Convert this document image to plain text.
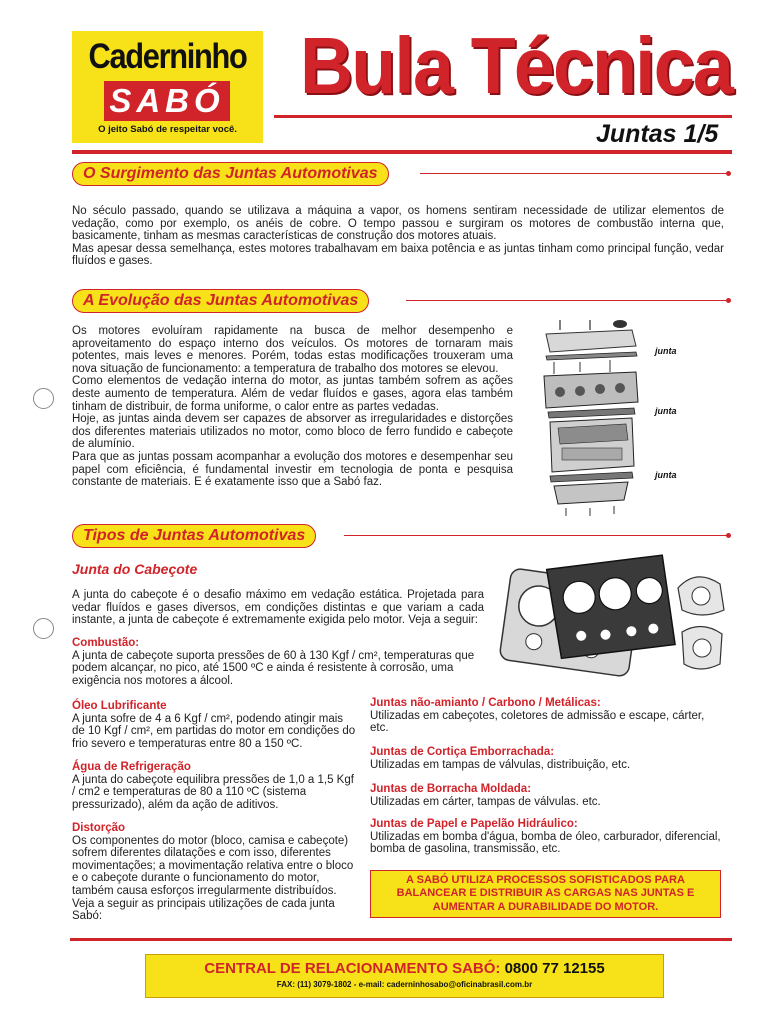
Caderninho
SABÓ
O jeito Sabó de respeitar você.
Bula Técnica
Juntas 1/5
O Surgimento das Juntas Automotivas

No século passado, quando se utilizava a máquina a vapor, os homens sentiram necessidade de utilizar elementos de vedação, como por exemplo, os anéis de cobre. O tempo passou e surgiram os motores de combustão interna que, basicamente, tinham as mesmas características de construção dos motores atuais.

Mas apesar dessa semelhança, estes motores trabalhavam em baixa potência e as juntas tinham como principal função, vedar fluídos e gases.

A Evolução das Juntas Automotivas

Os motores evoluíram rapidamente na busca de melhor desempenho e aproveitamento do espaço interno dos veículos. Os motores de tornaram mais potentes, mais leves e menores. Porém, todas estas modificações trouxeram uma nova situação de funcionamento: a temperatura de trabalho dos motores se elevou.

Como elementos de vedação interna do motor, as juntas também sofrem as ações deste aumento de temperatura. Além de vedar fluídos e gases, agora elas também tinham de distribuir, de forma uniforme, o calor entre as partes vedadas.

Hoje, as juntas ainda devem ser capazes de absorver as irregularidades e distorções dos diferentes materiais utilizados no motor, como bloco de ferro fundido e cabeçote de alumínio.

Para que as juntas possam acompanhar a evolução dos motores e desempenhar seu papel com eficiência, é fundamental investir em tecnologia de ponta e pesquisa constante de materiais. E é exatamente isso que a Sabó faz.

junta
junta
junta
Tipos de Juntas Automotivas
Junta do Cabeçote

A junta do cabeçote é o desafio máximo em vedação estática. Projetada para vedar fluídos e gases diversos, em condições distintas e que variam a cada instante, a junta de cabeçote é extremamente exigida pelo motor. Veja a seguir:

Combustão:

A junta de cabeçote suporta pressões de 60 à 130 Kgf / cm², temperaturas que podem alcançar, no pico, até 1500 ºC e ainda é resistente à corrosão, uma exigência nos motores a álcool.

Óleo Lubrificante

A junta sofre de 4 a 6 Kgf / cm², podendo atingir mais de 10 Kgf / cm², em partidas do motor em condições do frio severo e temperaturas entre 80 a 150 ºC.

Água de Refrigeração

A junta do cabeçote equilibra pressões de 1,0 a 1,5 Kgf / cm2 e temperaturas de 80 a 110 ºC (sistema pressurizado), além da ação de aditivos.

Distorção

Os componentes do motor (bloco, camisa e cabeçote) sofrem diferentes dilatações e com isso, diferentes movimentações; a movimentação relativa entre o bloco e o cabeçote durante o funcionamento do motor, também causa esforços irregularmente distribuídos. Veja a seguir as principais utilizações de cada junta Sabó:

Juntas não-amianto / Carbono / Metálicas:

Utilizadas em cabeçotes, coletores de admissão e escape, cárter, etc.

Juntas de Cortiça Emborrachada:

Utilizadas em tampas de válvulas, distribuição, etc.

Juntas de Borracha Moldada:

Utilizadas em cárter, tampas de válvulas. etc.

Juntas de Papel e Papelão Hidráulico:

Utilizadas em bomba d'água, bomba de óleo, carburador, diferencial, bomba de gasolina, transmissão, etc.

A SABÓ UTILIZA PROCESSOS SOFISTICADOS PARA BALANCEAR E DISTRIBUIR AS CARGAS NAS JUNTAS E AUMENTAR A DURABILIDADE DO MOTOR.
CENTRAL DE RELACIONAMENTO SABÓ: 0800 77 12155
FAX: (11) 3079-1802 - e-mail: caderninhosabo@oficinabrasil.com.br
